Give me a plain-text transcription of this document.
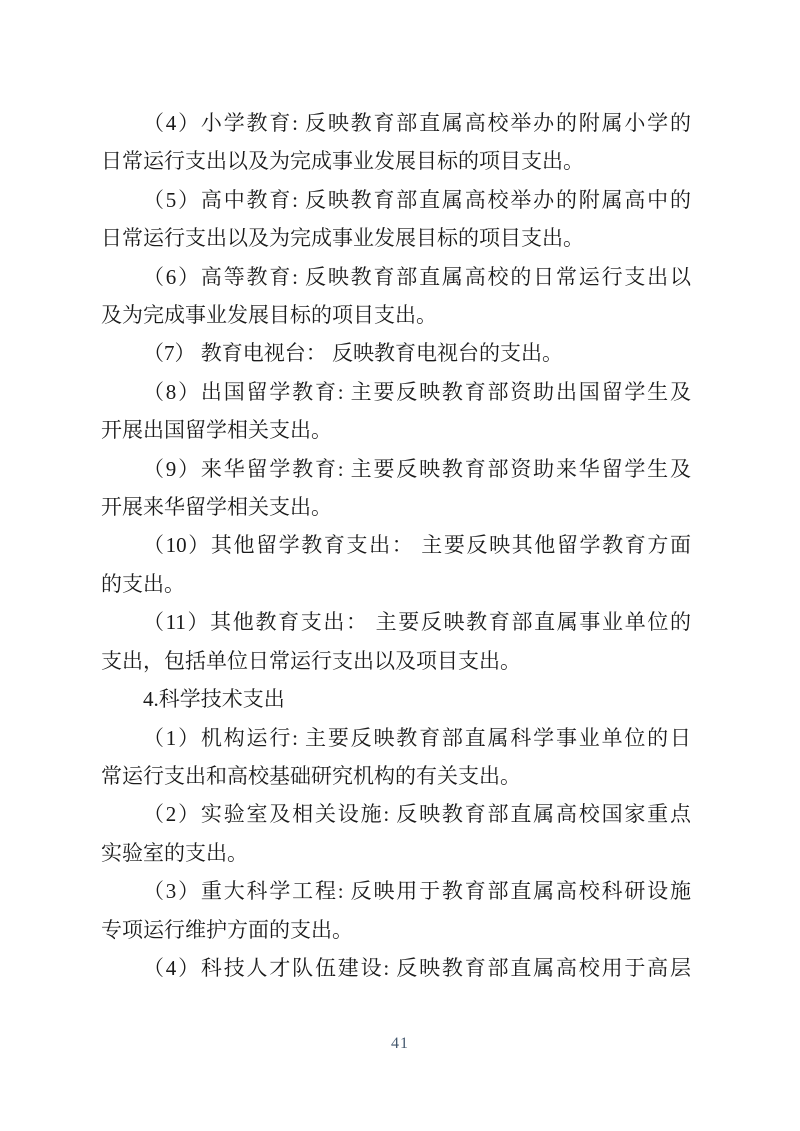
（4）小学教育: 反映教育部直属高校举办的附属小学的
日常运行支出以及为完成事业发展目标的项目支出。
（5）高中教育: 反映教育部直属高校举办的附属高中的
日常运行支出以及为完成事业发展目标的项目支出。
（6）高等教育: 反映教育部直属高校的日常运行支出以
及为完成事业发展目标的项目支出。
（7） 教育电视台： 反映教育电视台的支出。
（8）出国留学教育: 主要反映教育部资助出国留学生及
开展出国留学相关支出。
（9）来华留学教育: 主要反映教育部资助来华留学生及
开展来华留学相关支出。
（10）其他留学教育支出： 主要反映其他留学教育方面
的支出。
（11）其他教育支出： 主要反映教育部直属事业单位的
支出，包括单位日常运行支出以及项目支出。
4.科学技术支出
（1）机构运行: 主要反映教育部直属科学事业单位的日
常运行支出和高校基础研究机构的有关支出。
（2）实验室及相关设施: 反映教育部直属高校国家重点
实验室的支出。
（3）重大科学工程: 反映用于教育部直属高校科研设施
专项运行维护方面的支出。
（4）科技人才队伍建设: 反映教育部直属高校用于高层
41
